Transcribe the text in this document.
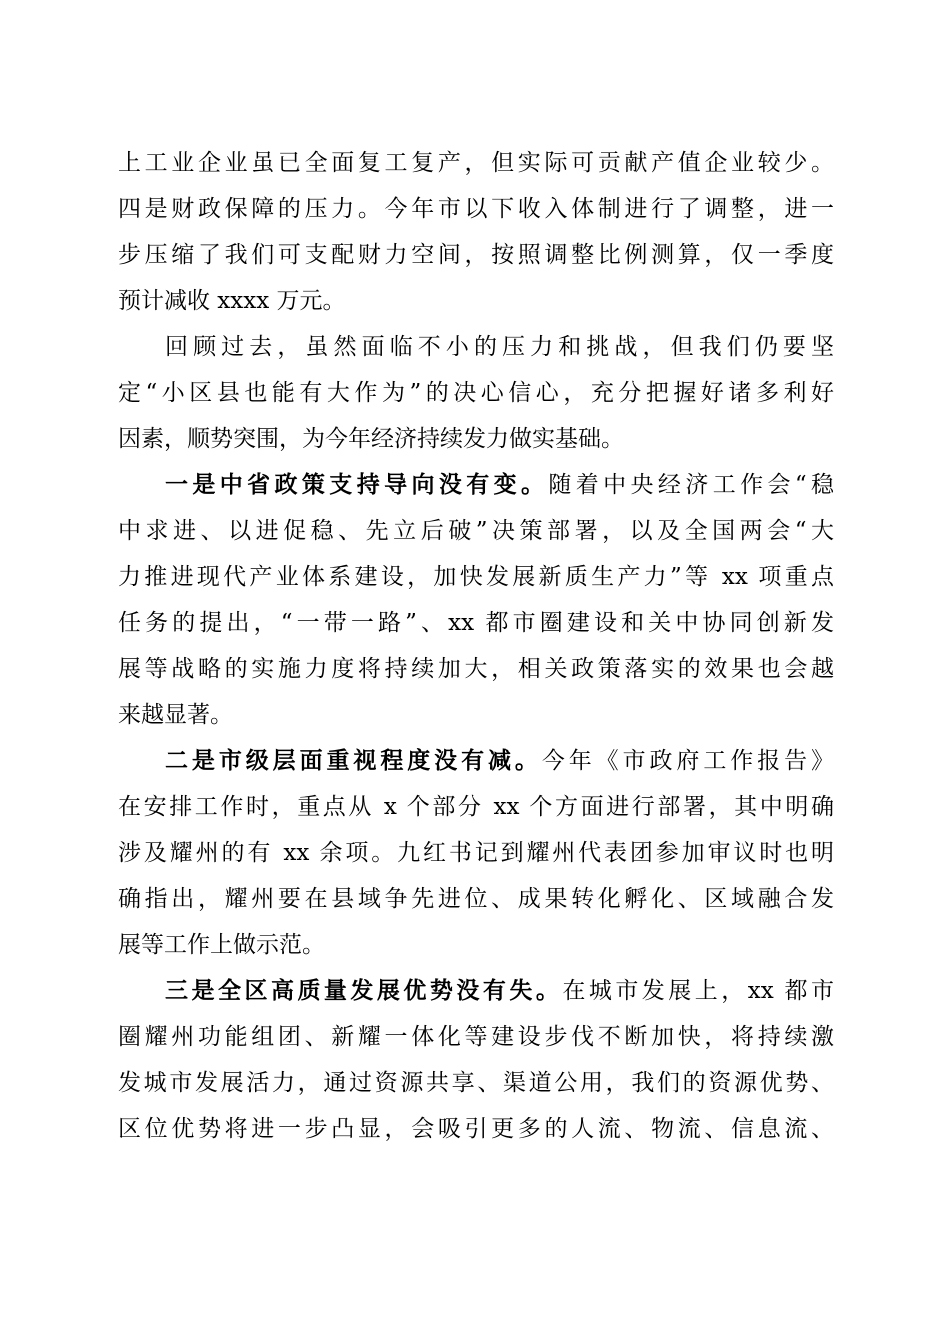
上工业企业虽已全面复工复产，但实际可贡献产值企业较少。
四是财政保障的压力。今年市以下收入体制进行了调整，进一
步压缩了我们可支配财力空间，按照调整比例测算，仅一季度
预计减收 xxxx 万元。
回顾过去，虽然面临不小的压力和挑战，但我们仍要坚
定“小区县也能有大作为”的决心信心，充分把握好诸多利好
因素，顺势突围，为今年经济持续发力做实基础。
一是中省政策支持导向没有变。随着中央经济工作会“稳
中求进、以进促稳、先立后破”决策部署，以及全国两会“大
力推进现代产业体系建设，加快发展新质生产力”等 xx 项重点
任务的提出，“一带一路”、xx 都市圈建设和关中协同创新发
展等战略的实施力度将持续加大，相关政策落实的效果也会越
来越显著。
二是市级层面重视程度没有减。今年《市政府工作报告》
在安排工作时，重点从 x 个部分 xx 个方面进行部署，其中明确
涉及耀州的有 xx 余项。九红书记到耀州代表团参加审议时也明
确指出，耀州要在县域争先进位、成果转化孵化、区域融合发
展等工作上做示范。
三是全区高质量发展优势没有失。在城市发展上，xx 都市
圈耀州功能组团、新耀一体化等建设步伐不断加快，将持续激
发城市发展活力，通过资源共享、渠道公用，我们的资源优势、
区位优势将进一步凸显，会吸引更多的人流、物流、信息流、
